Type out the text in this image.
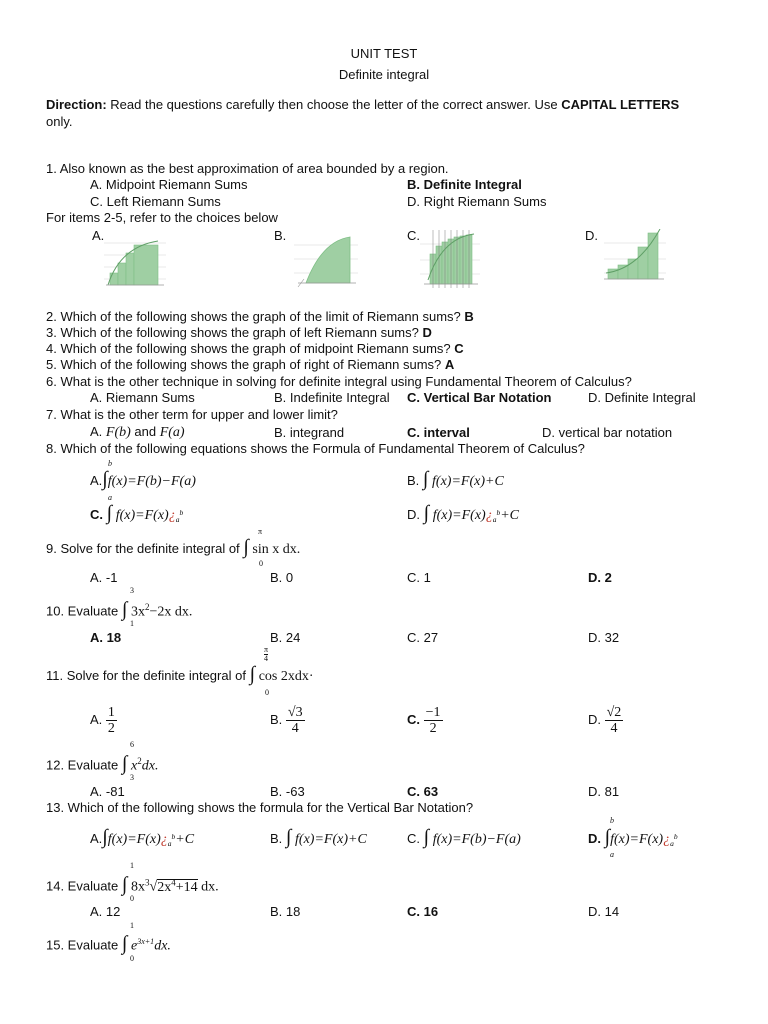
UNIT TEST
Definite integral
Direction: Read the questions carefully then choose the letter of the correct answer. Use CAPITAL LETTERS
only.
1. Also known as the best approximation of area bounded by a region.
A. Midpoint Riemann Sums	B. Definite Integral
C. Left Riemann Sums	D. Right Riemann Sums
For items 2-5, refer to the choices below
A.	B.	C.	D.
2. Which of the following shows the graph of the limit of Riemann sums? B
3. Which of the following shows the graph of left Riemann sums? D
4. Which of the following shows the graph of midpoint Riemann sums? C
5. Which of the following shows the graph of right of Riemann sums? A
6. What is the other technique in solving for definite integral using Fundamental Theorem of Calculus?
A. Riemann Sums	B. Indefinite Integral C. Vertical Bar Notation	D. Definite Integral
7. What is the other term for upper and lower limit?
A. F(b) and F(a)	B. integrand	C. interval	D. vertical bar notation
8. Which of the following equations shows the Formula of Fundamental Theorem of Calculus?
A.∫f(x)=F(b)−F(a)
b
a
B. ∫ f(x)=F(x)+C
C. ∫ $f(x)=F(x)¿_a^b$	D. ∫ $f(x)=F(x)¿_a^b+C$
9. Solve for the definite integral of ∫ sin x dx.
π
0
A. -1	B. 0	C. 1	D. 2
10. Evaluate ∫ $3x^2-2x$ dx.
3
1
A. 18	B. 24	C. 27	D. 32
11. Solve for the definite integral of ∫ cos 2xdx·
$\frac{\pi}{4}$
0
A. $\frac{1}{2}$	B. $\frac{√3}{4}$	C. $\frac{-1}{2}$	D. $\frac{√2}{4}$
12. Evaluate ∫ $x^2dx$.
6
3
A. -81	B. -63	C. 63	D. 81
13. Which of the following shows the formula for the Vertical Bar Notation?
$A.\int f(x)=F(x)¿_a^b+C$	B. ∫ f(x)=F(x)+C	C. ∫ f(x)=F(b)−F(a)	D. $\int f(x)=F(x)¿_a^b$
b
a
14. Evaluate ∫ $8x^3√2x^4+14$ dx.
1
0
A. 12	B. 18	C. 16	D. 14
15. Evaluate ∫ $e^{3x+1}dx$.
1
0
